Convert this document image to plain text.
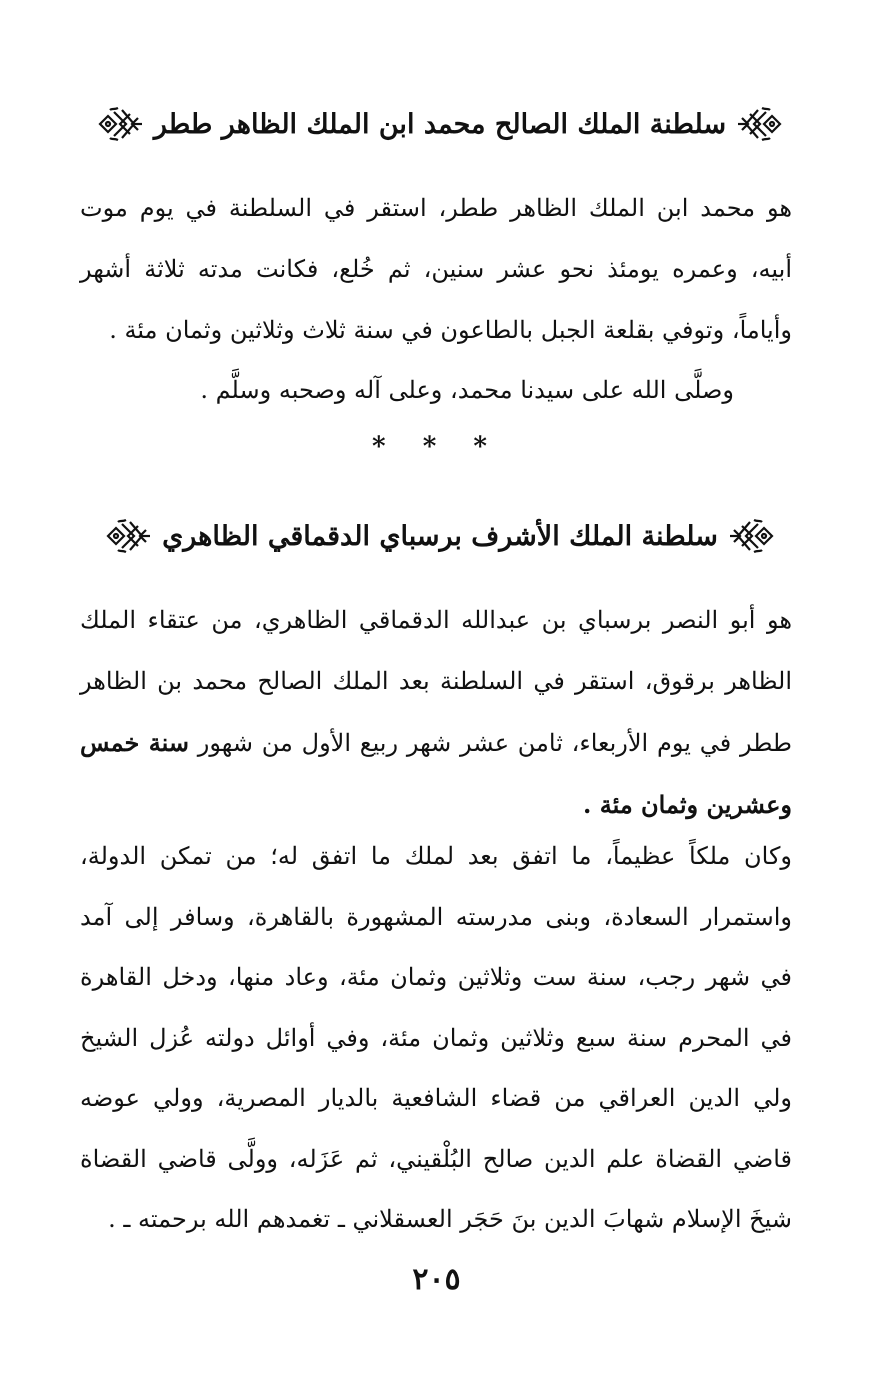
سلطنة الملك الصالح محمد ابن الملك الظاهر ططر

هو محمد ابن الملك الظاهر ططر، استقر في السلطنة في يوم موت أبيه، وعمره يومئذ نحو عشر سنين، ثم خُلع، فكانت مدته ثلاثة أشهر وأياماً، وتوفي بقلعة الجبل بالطاعون في سنة ثلاث وثلاثين وثمان مئة .

وصلَّى الله على سيدنا محمد، وعلى آله وصحبه وسلَّم .

* * *
سلطنة الملك الأشرف برسباي الدقماقي الظاهري

هو أبو النصر برسباي بن عبدالله الدقماقي الظاهري، من عتقاء الملك الظاهر برقوق، استقر في السلطنة بعد الملك الصالح محمد بن الظاهر ططر في يوم الأربعاء، ثامن عشر شهر ربيع الأول من شهور سنة خمس وعشرين وثمان مئة .

وكان ملكاً عظيماً، ما اتفق بعد لملك ما اتفق له؛ من تمكن الدولة، واستمرار السعادة، وبنى مدرسته المشهورة بالقاهرة، وسافر إلى آمد في شهر رجب، سنة ست وثلاثين وثمان مئة، وعاد منها، ودخل القاهرة في المحرم سنة سبع وثلاثين وثمان مئة، وفي أوائل دولته عُزل الشيخ ولي الدين العراقي من قضاء الشافعية بالديار المصرية، وولي عوضه قاضي القضاة علم الدين صالح البُلْقيني، ثم عَزَله، وولَّى قاضي القضاة شيخَ الإسلام شهابَ الدين بنَ حَجَر العسقلاني ـ تغمدهم الله برحمته ـ .

٢٠٥
